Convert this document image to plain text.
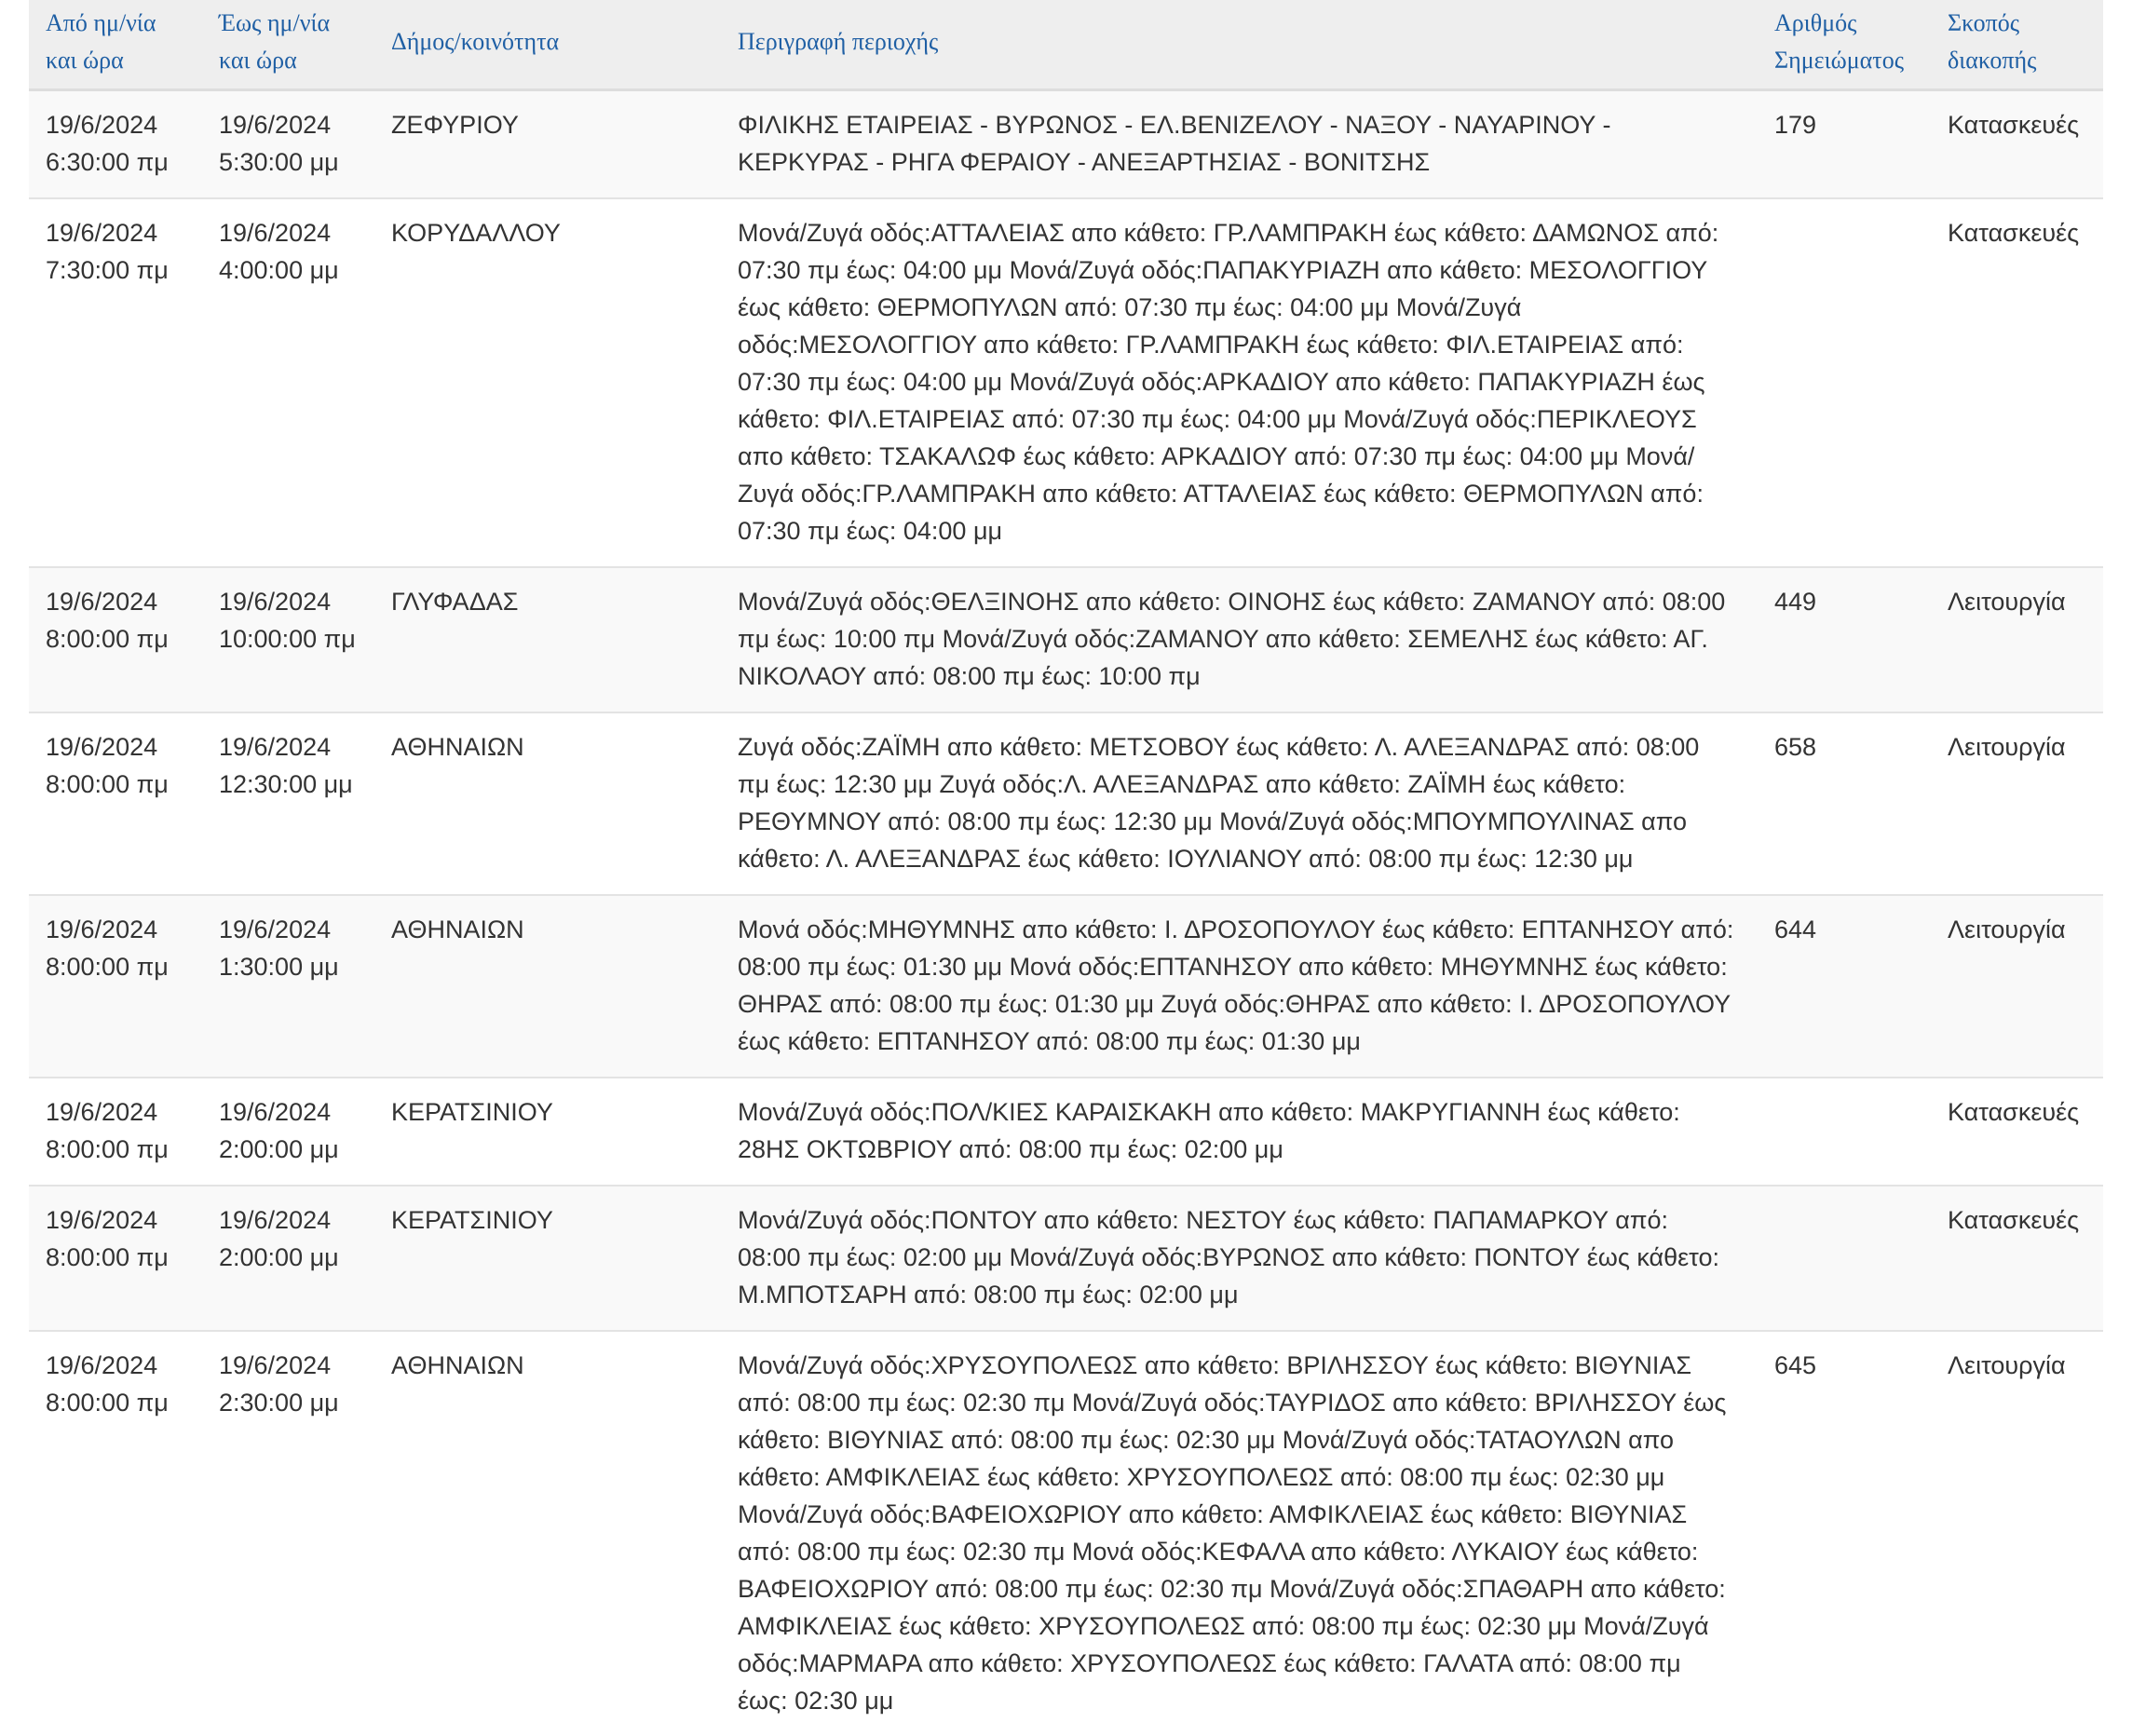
Από ημ/νία και ώρα	Έως ημ/νία και ώρα	Δήμος/κοινότητα	Περιγραφή περιοχής	Αριθμός Σημειώματος	Σκοπός διακοπής
19/6/2024 6:30:00 πμ	19/6/2024 5:30:00 μμ	ΖΕΦΥΡΙΟΥ	ΦΙΛΙΚΗΣ ΕΤΑΙΡΕΙΑΣ - ΒΥΡΩΝΟΣ - ΕΛ.ΒΕΝΙΖΕΛΟΥ - ΝΑΞΟΥ - ΝΑΥΑΡΙΝΟΥ - ΚΕΡΚΥΡΑΣ - ΡΗΓΑ ΦΕΡΑΙΟΥ - ΑΝΕΞΑΡΤΗΣΙΑΣ - ΒΟΝΙΤΣΗΣ	179	Κατασκευές
19/6/2024 7:30:00 πμ	19/6/2024 4:00:00 μμ	ΚΟΡΥΔΑΛΛΟΥ	Μονά/Ζυγά οδός:ΑΤΤΑΛΕΙΑΣ απο κάθετο: ΓΡ.ΛΑΜΠΡΑΚΗ έως κάθετο: ΔΑΜΩΝΟΣ από: 07:30 πμ έως: 04:00 μμ Μονά/Ζυγά οδός:ΠΑΠΑΚΥΡΙΑΖΗ απο κάθετο: ΜΕΣΟΛΟΓΓΙΟΥ έως κάθετο: ΘΕΡΜΟΠΥΛΩΝ από: 07:30 πμ έως: 04:00 μμ Μονά/Ζυγά οδός:ΜΕΣΟΛΟΓΓΙΟΥ απο κάθετο: ΓΡ.ΛΑΜΠΡΑΚΗ έως κάθετο: ΦΙΛ.ΕΤΑΙΡΕΙΑΣ από: 07:30 πμ έως: 04:00 μμ Μονά/Ζυγά οδός:ΑΡΚΑΔΙΟΥ απο κάθετο: ΠΑΠΑΚΥΡΙΑΖΗ έως κάθετο: ΦΙΛ.ΕΤΑΙΡΕΙΑΣ από: 07:30 πμ έως: 04:00 μμ Μονά/Ζυγά οδός:ΠΕΡΙΚΛΕΟΥΣ απο κάθετο: ΤΣΑΚΑΛΩΦ έως κάθετο: ΑΡΚΑΔΙΟΥ από: 07:30 πμ έως: 04:00 μμ Μονά/Ζυγά οδός:ΓΡ.ΛΑΜΠΡΑΚΗ απο κάθετο: ΑΤΤΑΛΕΙΑΣ έως κάθετο: ΘΕΡΜΟΠΥΛΩΝ από: 07:30 πμ έως: 04:00 μμ		Κατασκευές
19/6/2024 8:00:00 πμ	19/6/2024 10:00:00 πμ	ΓΛΥΦΑΔΑΣ	Μονά/Ζυγά οδός:ΘΕΛΞΙΝΟΗΣ απο κάθετο: ΟΙΝΟΗΣ έως κάθετο: ΖΑΜΑΝΟΥ από: 08:00 πμ έως: 10:00 πμ Μονά/Ζυγά οδός:ΖΑΜΑΝΟΥ απο κάθετο: ΣΕΜΕΛΗΣ έως κάθετο: ΑΓ. ΝΙΚΟΛΑΟΥ από: 08:00 πμ έως: 10:00 πμ	449	Λειτουργία
19/6/2024 8:00:00 πμ	19/6/2024 12:30:00 μμ	ΑΘΗΝΑΙΩΝ	Ζυγά οδός:ΖΑΪΜΗ απο κάθετο: ΜΕΤΣΟΒΟΥ έως κάθετο: Λ. ΑΛΕΞΑΝΔΡΑΣ από: 08:00 πμ έως: 12:30 μμ Ζυγά οδός:Λ. ΑΛΕΞΑΝΔΡΑΣ απο κάθετο: ΖΑΪΜΗ έως κάθετο: ΡΕΘΥΜΝΟΥ από: 08:00 πμ έως: 12:30 μμ Μονά/Ζυγά οδός:ΜΠΟΥΜΠΟΥΛΙΝΑΣ απο κάθετο: Λ. ΑΛΕΞΑΝΔΡΑΣ έως κάθετο: ΙΟΥΛΙΑΝΟΥ από: 08:00 πμ έως: 12:30 μμ	658	Λειτουργία
19/6/2024 8:00:00 πμ	19/6/2024 1:30:00 μμ	ΑΘΗΝΑΙΩΝ	Μονά οδός:ΜΗΘΥΜΝΗΣ απο κάθετο: Ι. ΔΡΟΣΟΠΟΥΛΟΥ έως κάθετο: ΕΠΤΑΝΗΣΟΥ από: 08:00 πμ έως: 01:30 μμ Μονά οδός:ΕΠΤΑΝΗΣΟΥ απο κάθετο: ΜΗΘΥΜΝΗΣ έως κάθετο: ΘΗΡΑΣ από: 08:00 πμ έως: 01:30 μμ Ζυγά οδός:ΘΗΡΑΣ απο κάθετο: Ι. ΔΡΟΣΟΠΟΥΛΟΥ έως κάθετο: ΕΠΤΑΝΗΣΟΥ από: 08:00 πμ έως: 01:30 μμ	644	Λειτουργία
19/6/2024 8:00:00 πμ	19/6/2024 2:00:00 μμ	ΚΕΡΑΤΣΙΝΙΟΥ	Μονά/Ζυγά οδός:ΠΟΛ/ΚΙΕΣ ΚΑΡΑΙΣΚΑΚΗ απο κάθετο: ΜΑΚΡΥΓΙΑΝΝΗ έως κάθετο: 28ΗΣ ΟΚΤΩΒΡΙΟΥ από: 08:00 πμ έως: 02:00 μμ		Κατασκευές
19/6/2024 8:00:00 πμ	19/6/2024 2:00:00 μμ	ΚΕΡΑΤΣΙΝΙΟΥ	Μονά/Ζυγά οδός:ΠΟΝΤΟΥ απο κάθετο: ΝΕΣΤΟΥ έως κάθετο: ΠΑΠΑΜΑΡΚΟΥ από: 08:00 πμ έως: 02:00 μμ Μονά/Ζυγά οδός:ΒΥΡΩΝΟΣ απο κάθετο: ΠΟΝΤΟΥ έως κάθετο: Μ.ΜΠΟΤΣΑΡΗ από: 08:00 πμ έως: 02:00 μμ		Κατασκευές
19/6/2024 8:00:00 πμ	19/6/2024 2:30:00 μμ	ΑΘΗΝΑΙΩΝ	Μονά/Ζυγά οδός:ΧΡΥΣΟΥΠΟΛΕΩΣ απο κάθετο: ΒΡΙΛΗΣΣΟΥ έως κάθετο: ΒΙΘΥΝΙΑΣ από: 08:00 πμ έως: 02:30 πμ Μονά/Ζυγά οδός:ΤΑΥΡΙΔΟΣ απο κάθετο: ΒΡΙΛΗΣΣΟΥ έως κάθετο: ΒΙΘΥΝΙΑΣ από: 08:00 πμ έως: 02:30 μμ Μονά/Ζυγά οδός:ΤΑΤΑΟΥΛΩΝ απο κάθετο: ΑΜΦΙΚΛΕΙΑΣ έως κάθετο: ΧΡΥΣΟΥΠΟΛΕΩΣ από: 08:00 πμ έως: 02:30 μμ Μονά/Ζυγά οδός:ΒΑΦΕΙΟΧΩΡΙΟΥ απο κάθετο: ΑΜΦΙΚΛΕΙΑΣ έως κάθετο: ΒΙΘΥΝΙΑΣ από: 08:00 πμ έως: 02:30 πμ Μονά οδός:ΚΕΦΑΛΑ απο κάθετο: ΛΥΚΑΙΟΥ έως κάθετο: ΒΑΦΕΙΟΧΩΡΙΟΥ από: 08:00 πμ έως: 02:30 πμ Μονά/Ζυγά οδός:ΣΠΑΘΑΡΗ απο κάθετο: ΑΜΦΙΚΛΕΙΑΣ έως κάθετο: ΧΡΥΣΟΥΠΟΛΕΩΣ από: 08:00 πμ έως: 02:30 μμ Μονά/Ζυγά οδός:ΜΑΡΜΑΡΑ απο κάθετο: ΧΡΥΣΟΥΠΟΛΕΩΣ έως κάθετο: ΓΑΛΑΤΑ από: 08:00 πμ έως: 02:30 μμ	645	Λειτουργία
